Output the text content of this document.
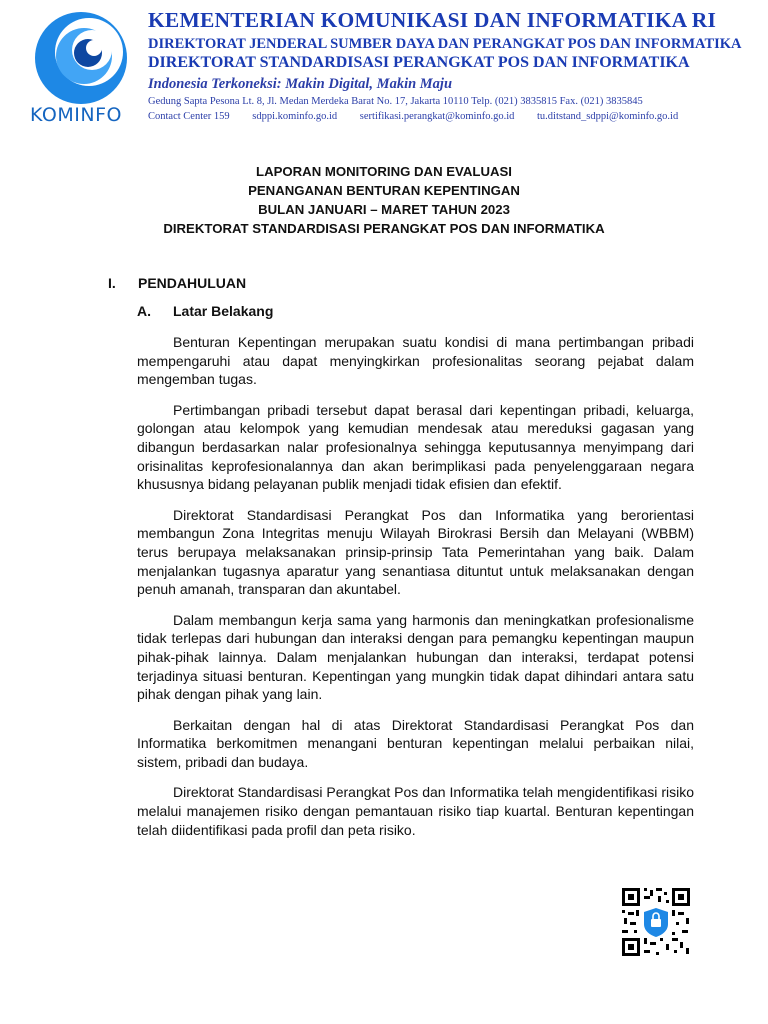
KOMINFO
KEMENTERIAN KOMUNIKASI DAN INFORMATIKA RI
DIREKTORAT JENDERAL SUMBER DAYA DAN PERANGKAT POS DAN INFORMATIKA
DIREKTORAT STANDARDISASI PERANGKAT POS DAN INFORMATIKA
Indonesia Terkoneksi: Makin Digital, Makin Maju
Gedung Sapta Pesona Lt. 8, Jl. Medan Merdeka Barat No. 17, Jakarta 10110 Telp. (021) 3835815 Fax. (021) 3835845
Contact Center 159 sdppi.kominfo.go.id sertifikasi.perangkat@kominfo.go.id tu.ditstand_sdppi@kominfo.go.id
LAPORAN MONITORING DAN EVALUASI
PENANGANAN BENTURAN KEPENTINGAN
BULAN JANUARI – MARET TAHUN 2023
DIREKTORAT STANDARDISASI PERANGKAT POS DAN INFORMATIKA
I. PENDAHULUAN
A. Latar Belakang

Benturan Kepentingan merupakan suatu kondisi di mana pertimbangan pribadi mempengaruhi atau dapat menyingkirkan profesionalitas seorang pejabat dalam mengemban tugas.

Pertimbangan pribadi tersebut dapat berasal dari kepentingan pribadi, keluarga, golongan atau kelompok yang kemudian mendesak atau mereduksi gagasan yang dibangun berdasarkan nalar profesionalnya sehingga keputusannya menyimpang dari orisinalitas keprofesionalannya dan akan berimplikasi pada penyelenggaraan negara khususnya bidang pelayanan publik menjadi tidak efisien dan efektif.

Direktorat Standardisasi Perangkat Pos dan Informatika yang berorientasi membangun Zona Integritas menuju Wilayah Birokrasi Bersih dan Melayani (WBBM) terus berupaya melaksanakan prinsip-prinsip Tata Pemerintahan yang baik. Dalam menjalankan tugasnya aparatur yang senantiasa dituntut untuk melaksanakan dengan penuh amanah, transparan dan akuntabel.

Dalam membangun kerja sama yang harmonis dan meningkatkan profesionalisme tidak terlepas dari hubungan dan interaksi dengan para pemangku kepentingan maupun pihak-pihak lainnya. Dalam menjalankan hubungan dan interaksi, terdapat potensi terjadinya situasi benturan. Kepentingan yang mungkin tidak dapat dihindari antara satu pihak dengan pihak yang lain.

Berkaitan dengan hal di atas Direktorat Standardisasi Perangkat Pos dan Informatika berkomitmen menangani benturan kepentingan melalui perbaikan nilai, sistem, pribadi dan budaya.

Direktorat Standardisasi Perangkat Pos dan Informatika telah mengidentifikasi risiko melalui manajemen risiko dengan pemantauan risiko tiap kuartal. Benturan kepentingan telah diidentifikasi pada profil dan peta risiko.
